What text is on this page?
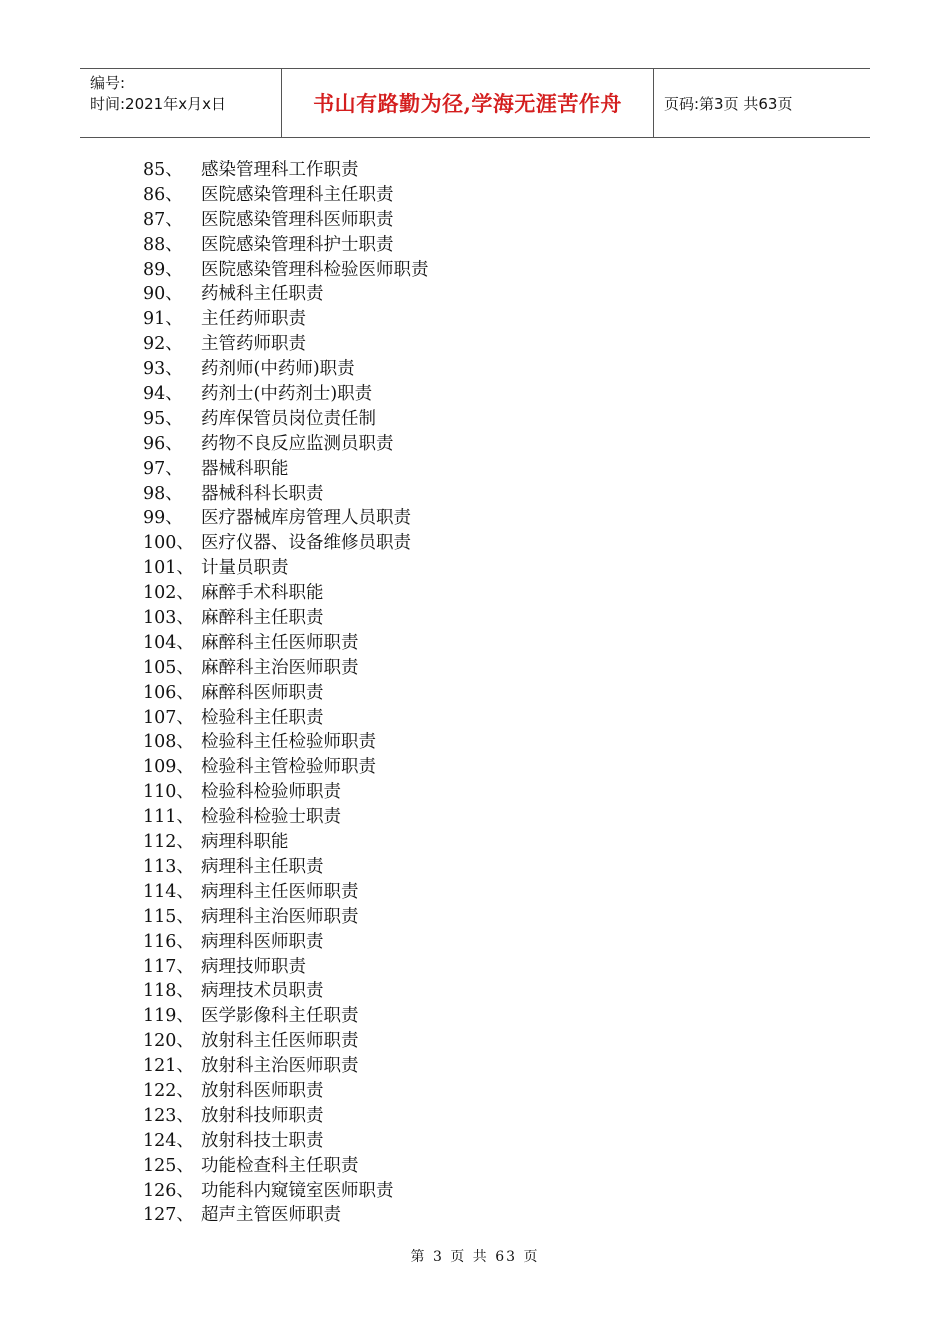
编号:
时间:2021年x月x日	书山有路勤为径,学海无涯苦作舟	页码:第3页 共63页
85、 感染管理科工作职责
86、 医院感染管理科主任职责
87、 医院感染管理科医师职责
88、 医院感染管理科护士职责
89、 医院感染管理科检验医师职责
90、 药械科主任职责
91、 主任药师职责
92、 主管药师职责
93、 药剂师(中药师)职责
94、 药剂士(中药剂士)职责
95、 药库保管员岗位责任制
96、 药物不良反应监测员职责
97、 器械科职能
98、 器械科科长职责
99、 医疗器械库房管理人员职责
100、 医疗仪器、设备维修员职责
101、 计量员职责
102、 麻醉手术科职能
103、 麻醉科主任职责
104、 麻醉科主任医师职责
105、 麻醉科主治医师职责
106、 麻醉科医师职责
107、 检验科主任职责
108、 检验科主任检验师职责
109、 检验科主管检验师职责
110、 检验科检验师职责
111、 检验科检验士职责
112、 病理科职能
113、 病理科主任职责
114、 病理科主任医师职责
115、 病理科主治医师职责
116、 病理科医师职责
117、 病理技师职责
118、 病理技术员职责
119、 医学影像科主任职责
120、 放射科主任医师职责
121、 放射科主治医师职责
122、 放射科医师职责
123、 放射科技师职责
124、 放射科技士职责
125、 功能检查科主任职责
126、 功能科内窥镜室医师职责
127、 超声主管医师职责
第 3 页 共 63 页
